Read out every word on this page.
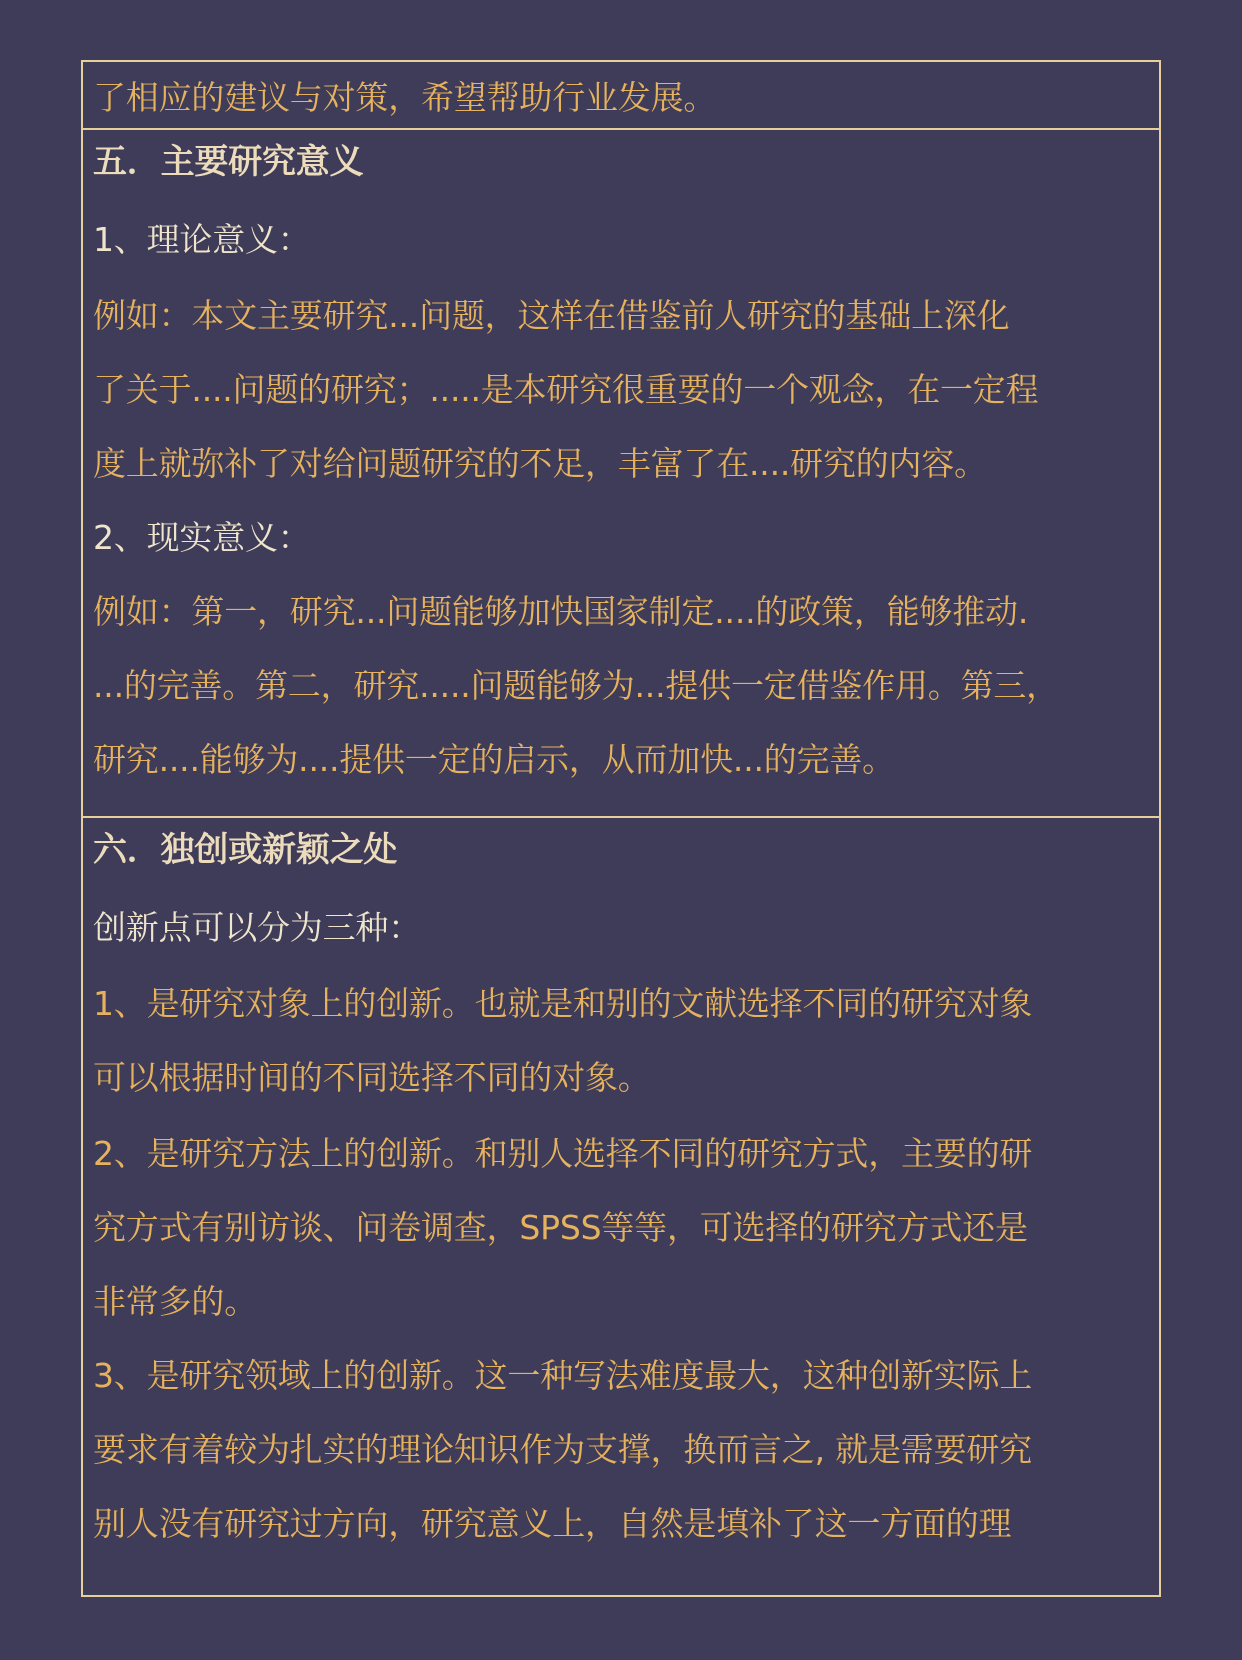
了相应的建议与对策，希望帮助行业发展。
五．主要研究意义
1、理论意义：
例如：本文主要研究...问题，这样在借鉴前人研究的基础上深化
了关于....问题的研究；.....是本研究很重要的一个观念，在一定程
度上就弥补了对给问题研究的不足，丰富了在....研究的内容。
2、现实意义：
例如：第一，研究...问题能够加快国家制定....的政策，能够推动.
...的完善。第二，研究.....问题能够为...提供一定借鉴作用。第三，
研究....能够为....提供一定的启示，从而加快...的完善。
六．独创或新颖之处
创新点可以分为三种：
1、是研究对象上的创新。也就是和别的文献选择不同的研究对象
可以根据时间的不同选择不同的对象。
2、是研究方法上的创新。和别人选择不同的研究方式，主要的研
究方式有别访谈、问卷调查，SPSS等等，可选择的研究方式还是
非常多的。
3、是研究领域上的创新。这一种写法难度最大，这种创新实际上
要求有着较为扎实的理论知识作为支撑，换而言之, 就是需要研究
别人没有研究过方向，研究意义上，自然是填补了这一方面的理
